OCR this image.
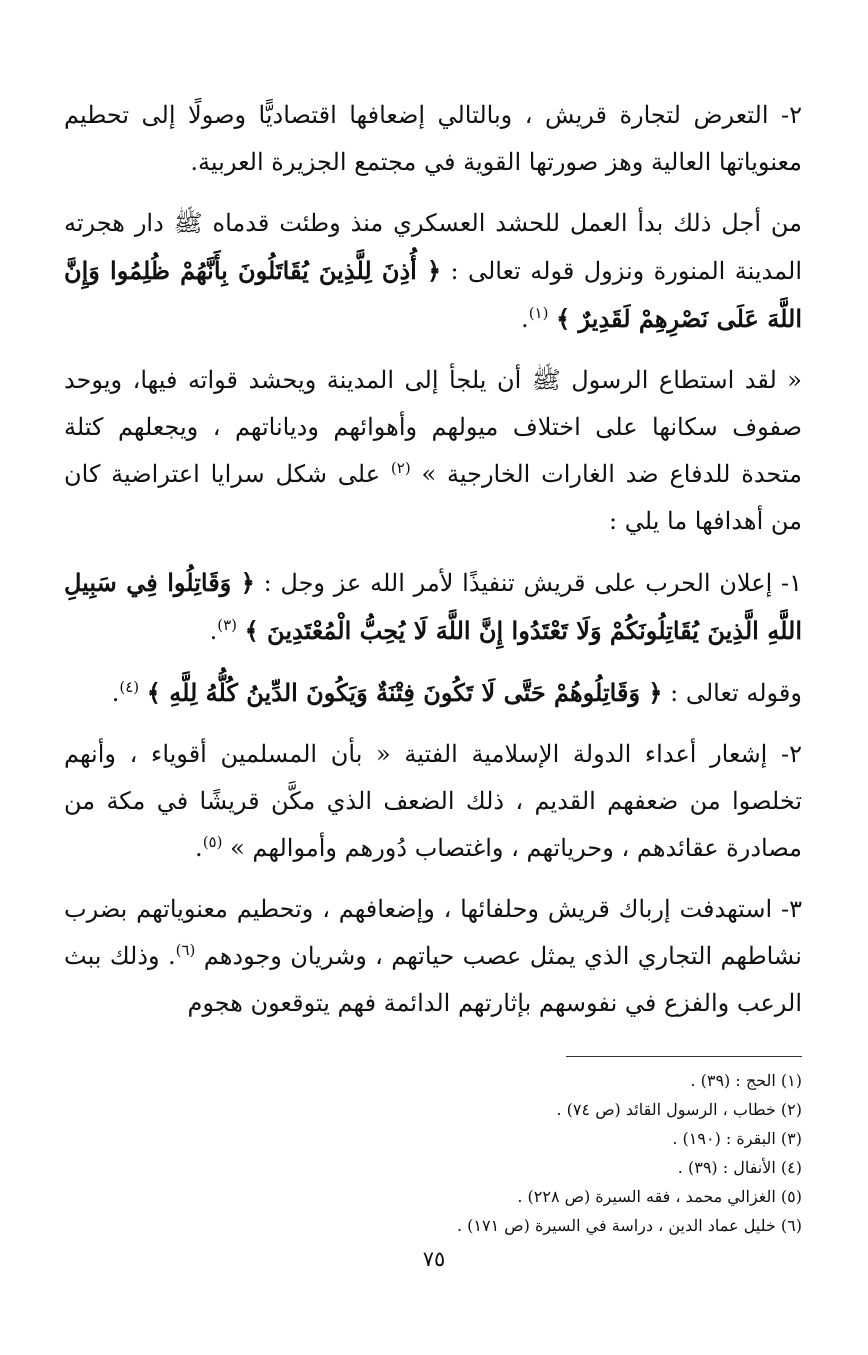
٢- التعرض لتجارة قريش ، وبالتالي إضعافها اقتصاديًّا وصولًا إلى تحطيم معنوياتها العالية وهز صورتها القوية في مجتمع الجزيرة العربية.

من أجل ذلك بدأ العمل للحشد العسكري منذ وطئت قدماه ﷺ دار هجرته المدينة المنورة ونزول قوله تعالى : ﴿ أُذِنَ لِلَّذِينَ يُقَاتَلُونَ بِأَنَّهُمْ ظُلِمُوا وَإِنَّ اللَّهَ عَلَى نَصْرِهِمْ لَقَدِيرٌ ﴾ $^{(١)}$.

« لقد استطاع الرسول ﷺ أن يلجأ إلى المدينة ويحشد قواته فيها، ويوحد صفوف سكانها على اختلاف ميولهم وأهوائهم ودياناتهم ، ويجعلهم كتلة متحدة للدفاع ضد الغارات الخارجية » $^{(٢)}$ على شكل سرايا اعتراضية كان من أهدافها ما يلي :

١- إعلان الحرب على قريش تنفيذًا لأمر الله عز وجل : ﴿ وَقَاتِلُوا فِي سَبِيلِ اللَّهِ الَّذِينَ يُقَاتِلُونَكُمْ وَلَا تَعْتَدُوا إِنَّ اللَّهَ لَا يُحِبُّ الْمُعْتَدِينَ ﴾ $^{(٣)}$.

وقوله تعالى : ﴿ وَقَاتِلُوهُمْ حَتَّى لَا تَكُونَ فِتْنَةٌ وَيَكُونَ الدِّينُ كُلُّهُ لِلَّهِ ﴾ $^{(٤)}$.

٢- إشعار أعداء الدولة الإسلامية الفتية « بأن المسلمين أقوياء ، وأنهم تخلصوا من ضعفهم القديم ، ذلك الضعف الذي مكَّن قريشًا في مكة من مصادرة عقائدهم ، وحرياتهم ، واغتصاب دُورهم وأموالهم » $^{(٥)}$.

٣- استهدفت إرباك قريش وحلفائها ، وإضعافهم ، وتحطيم معنوياتهم بضرب نشاطهم التجاري الذي يمثل عصب حياتهم ، وشريان وجودهم $^{(٦)}$. وذلك ببث الرعب والفزع في نفوسهم بإثارتهم الدائمة فهم يتوقعون هجوم

(١) الحج : (٣٩) .
(٢) خطاب ، الرسول القائد (ص ٧٤) .
(٣) البقرة : (١٩٠) .
(٤) الأنفال : (٣٩) .
(٥) الغزالي محمد ، فقه السيرة (ص ٢٢٨) .
(٦) خليل عماد الدين ، دراسة في السيرة (ص ١٧١) .
٧٥
